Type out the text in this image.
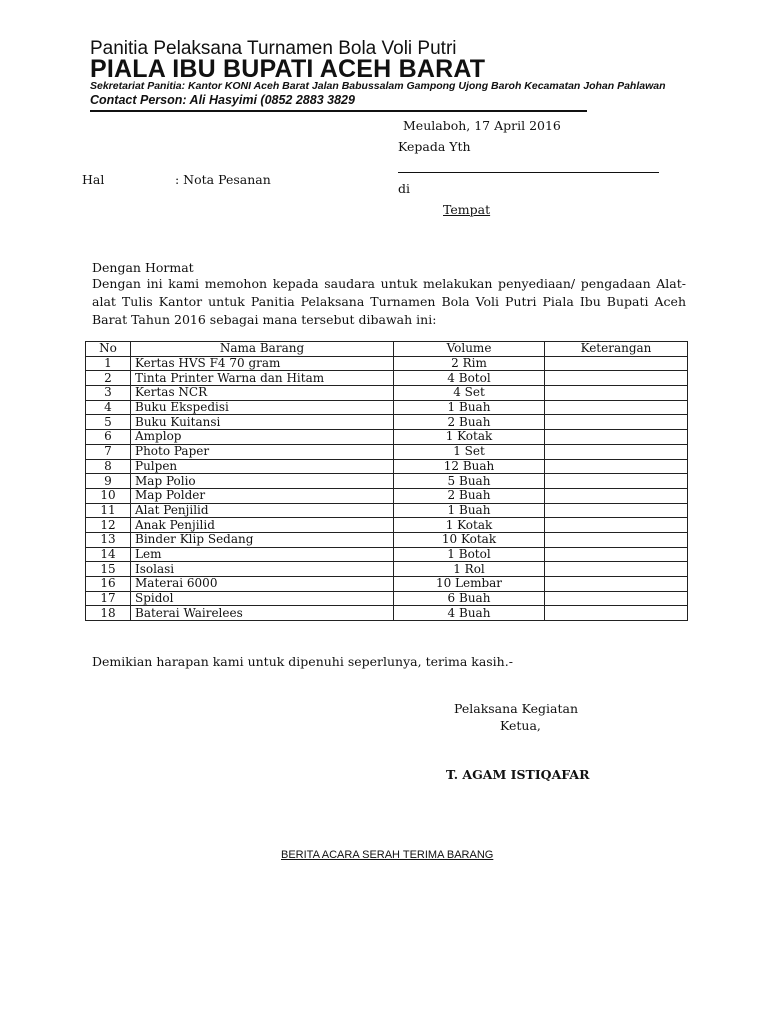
Panitia Pelaksana Turnamen Bola Voli Putri
PIALA IBU BUPATI ACEH BARAT
Sekretariat Panitia: Kantor KONI Aceh Barat Jalan Babussalam Gampong Ujong Baroh Kecamatan Johan Pahlawan
Contact Person: Ali Hasyimi (0852 2883 3829
Meulaboh, 17 April 2016
Kepada Yth
Hal	: Nota Pesanan
di
Tempat
Dengan Hormat

Dengan ini kami memohon kepada saudara untuk melakukan penyediaan/ pengadaan Alat-alat Tulis Kantor untuk Panitia Pelaksana Turnamen Bola Voli Putri Piala Ibu Bupati Aceh Barat Tahun 2016 sebagai mana tersebut dibawah ini:

No	Nama Barang	Volume	Keterangan
1	Kertas HVS F4 70 gram	2 Rim	
2	Tinta Printer Warna dan Hitam	4 Botol	
3	Kertas NCR	4 Set	
4	Buku Ekspedisi	1 Buah	
5	Buku Kuitansi	2 Buah	
6	Amplop	1 Kotak	
7	Photo Paper	1 Set	
8	Pulpen	12 Buah	
9	Map Polio	5 Buah	
10	Map Polder	2 Buah	
11	Alat Penjilid	1 Buah	
12	Anak Penjilid	1 Kotak	
13	Binder Klip Sedang	10 Kotak	
14	Lem	1 Botol	
15	Isolasi	1 Rol	
16	Materai 6000	10 Lembar	
17	Spidol	6 Buah	
18	Baterai Wairelees	4 Buah	
Demikian harapan kami untuk dipenuhi seperlunya, terima kasih.-
Pelaksana Kegiatan
Ketua,
T. AGAM ISTIQAFAR
BERITA ACARA SERAH TERIMA BARANG
